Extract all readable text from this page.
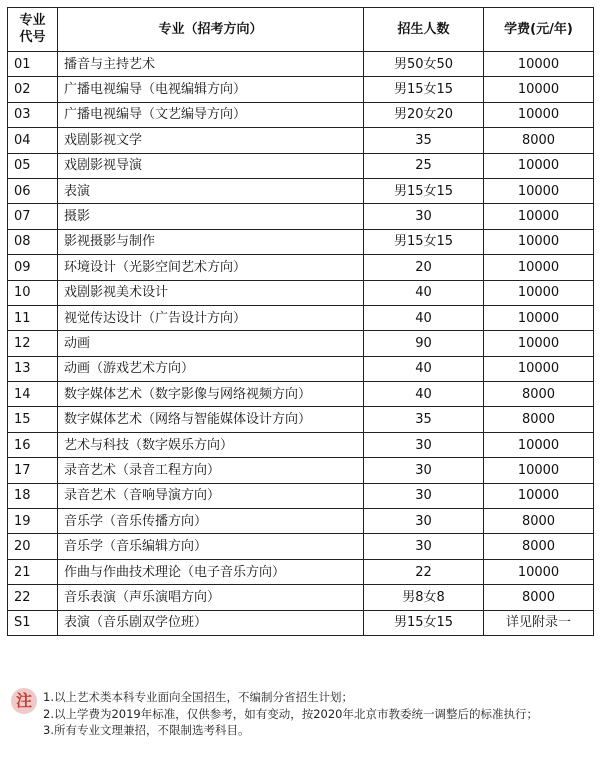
专业
代号	专业（招考方向）	招生人数	学费(元/年)
01	播音与主持艺术	男50女50	10000
02	广播电视编导（电视编辑方向）	男15女15	10000
03	广播电视编导（文艺编导方向）	男20女20	10000
04	戏剧影视文学	35	8000
05	戏剧影视导演	25	10000
06	表演	男15女15	10000
07	摄影	30	10000
08	影视摄影与制作	男15女15	10000
09	环境设计（光影空间艺术方向）	20	10000
10	戏剧影视美术设计	40	10000
11	视觉传达设计（广告设计方向）	40	10000
12	动画	90	10000
13	动画（游戏艺术方向）	40	10000
14	数字媒体艺术（数字影像与网络视频方向）	40	8000
15	数字媒体艺术（网络与智能媒体设计方向）	35	8000
16	艺术与科技（数字娱乐方向）	30	10000
17	录音艺术（录音工程方向）	30	10000
18	录音艺术（音响导演方向）	30	10000
19	音乐学（音乐传播方向）	30	8000
20	音乐学（音乐编辑方向）	30	8000
21	作曲与作曲技术理论（电子音乐方向）	22	10000
22	音乐表演（声乐演唱方向）	男8女8	8000
S1	表演（音乐剧双学位班）	男15女15	详见附录一
注 1.以上艺术类本科专业面向全国招生，不编制分省招生计划；
2.以上学费为2019年标准，仅供参考，如有变动，按2020年北京市教委统一调整后的标准执行；
3.所有专业文理兼招，不限制选考科目。
